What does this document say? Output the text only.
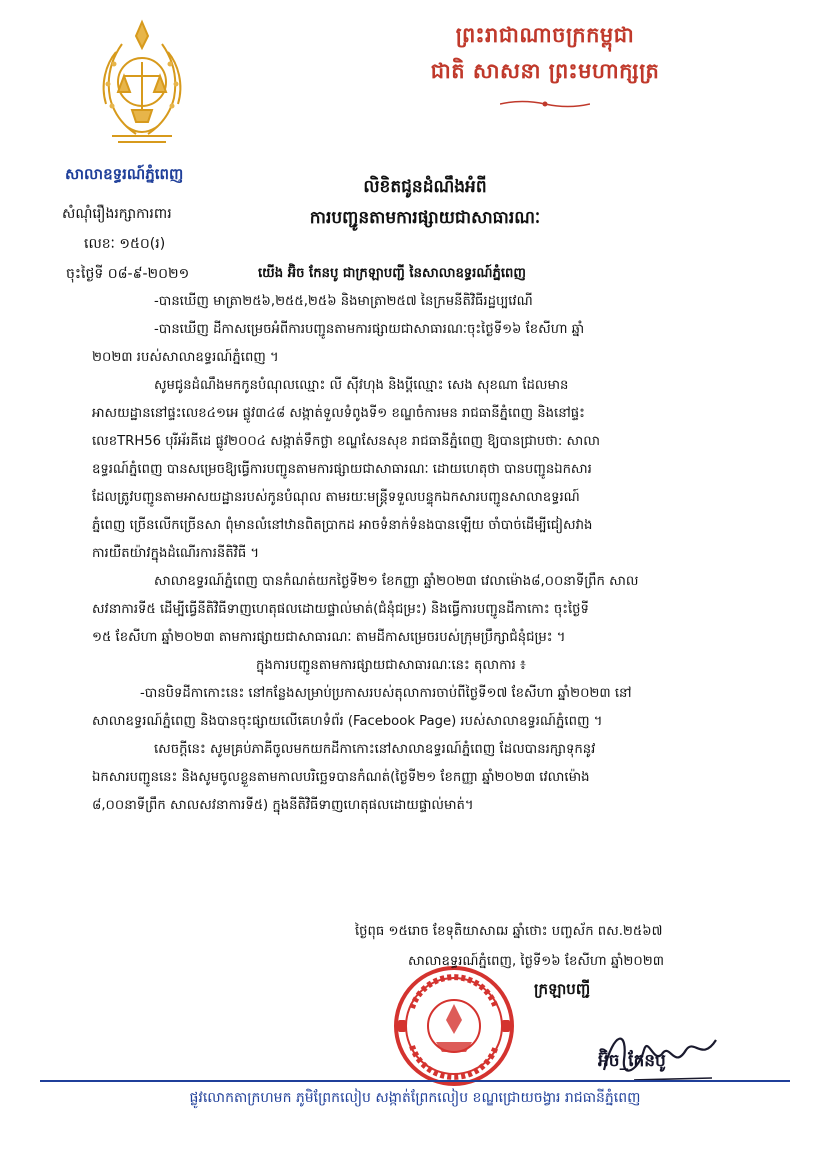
ព្រះរាជាណាចក្រកម្ពុជា
ជាតិ សាសនា ព្រះមហាក្សត្រ
សាលាឧទ្ធរណ៍ភ្នំពេញ
សំណុំរឿងរក្សាការពារ
លេខៈ ១៥០(រ)
ចុះថ្ងៃទី ០៨-៩-២០២១
លិខិតជូនដំណឹងអំពី
ការបញ្ជូនតាមការផ្សាយជាសាធារណៈ
យើង អ៊ិច កែនបូ ជាក្រឡាបញ្ជី នៃសាលាឧទ្ធរណ៍ភ្នំពេញ
-បានឃើញ មាត្រា២៥៦,២៥៥,២៥៦ និងមាត្រា២៥៧ នៃក្រមនីតិវិធីរដ្ឋប្បវេណី
-បានឃើញ ដីកាសម្រេចអំពីការបញ្ជូនតាមការផ្សាយជាសាធារណៈចុះថ្ងៃទី១៦ ខែសីហា ឆ្នាំ
២០២៣ របស់សាលាឧទ្ធរណ៍ភ្នំពេញ ។
សូមជូនដំណឹងមកកូនបំណុលឈ្មោះ លី ស៊ីវហុង និងប្ដីឈ្មោះ សេង សុខណា ដែលមាន
អាសយដ្ឋាននៅផ្ទះលេខ៤១អេ ផ្លូវ៣៤៨ សង្កាត់ទួលទំពូងទី១ ខណ្ឌចំការមន រាជធានីភ្នំពេញ និងនៅផ្ទះ
លេខTRH56 បុរីអ័រគីដេ ផ្លូវ២០០៤ សង្កាត់ទឹកថ្លា ខណ្ឌសែនសុខ រាជធានីភ្នំពេញ ឱ្យបានជ្រាបថា: សាលា
ឧទ្ធរណ៍ភ្នំពេញ បានសម្រេចឱ្យធ្វើការបញ្ជូនតាមការផ្សាយជាសាធារណៈ ដោយហេតុថា បានបញ្ជូនឯកសារ
ដែលត្រូវបញ្ជូនតាមអាសយដ្ឋានរបស់កូនបំណុល តាមរយៈមន្ត្រីទទួលបន្ទុកឯកសារបញ្ជូនសាលាឧទ្ធរណ៍
ភ្នំពេញ ច្រើនលើកច្រើនសា ពុំមានលំនៅឋានពិតប្រាកដ អាចទំនាក់ទំនងបានឡើយ ចាំបាច់ដើម្បីជៀសវាង
ការយឺតយ៉ាវក្នុងដំណើរការនីតិវិធី ។
សាលាឧទ្ធរណ៍ភ្នំពេញ បានកំណត់យកថ្ងៃទី២១ ខែកញ្ញា ឆ្នាំ២០២៣ វេលាម៉ោង៨,០០នាទីព្រឹក សាល
សវនាការទី៥ ដើម្បីធ្វើនីតិវិធីទាញហេតុផលដោយផ្ទាល់មាត់(ជំនុំជម្រះ) និងធ្វើការបញ្ជូនដីកាកោះ ចុះថ្ងៃទី
១៥ ខែសីហា ឆ្នាំ២០២៣ តាមការផ្សាយជាសាធារណៈ តាមដីកាសម្រេចរបស់ក្រុមប្រឹក្សាជំនុំជម្រះ ។
ក្នុងការបញ្ជូនតាមការផ្សាយជាសាធារណៈនេះ តុលាការ ៖
-បានបិទដីកាកោះនេះ នៅកន្លែងសម្រាប់ប្រកាសរបស់តុលាការចាប់ពីថ្ងៃទី១៧ ខែសីហា ឆ្នាំ២០២៣ នៅ
សាលាឧទ្ធរណ៍ភ្នំពេញ និងបានចុះផ្សាយលើគេហទំព័រ (Facebook Page) របស់សាលាឧទ្ធរណ៍ភ្នំពេញ ។
សេចក្ដីនេះ សូមគ្រប់ភាគីចូលមកយកដីកាកោះនៅសាលាឧទ្ធរណ៍ភ្នំពេញ ដែលបានរក្សាទុកនូវ
ឯកសារបញ្ជូននេះ និងសូមចូលខ្លួនតាមកាលបរិច្ឆេទបានកំណត់(ថ្ងៃទី២១ ខែកញ្ញា ឆ្នាំ២០២៣ វេលាម៉ោង
៨,០០នាទីព្រឹក សាលសវនាការទី៥) ក្នុងនីតិវិធីទាញហេតុផលដោយផ្ទាល់មាត់។
ថ្ងៃពុធ ១៥រោច ខែទុតិយាសាឍ ឆ្នាំថោះ បញ្ចស័ក ពស.២៥៦៧
សាលាឧទ្ធរណ៍ភ្នំពេញ, ថ្ងៃទី១៦ ខែសីហា ឆ្នាំ២០២៣
ក្រឡាបញ្ជី
អ៊ិច_កែនបូ
ផ្លូវលោកតាក្រហមក ភូមិព្រែកលៀប សង្កាត់ព្រែកលៀប ខណ្ឌជ្រោយចង្វារ រាជធានីភ្នំពេញ
